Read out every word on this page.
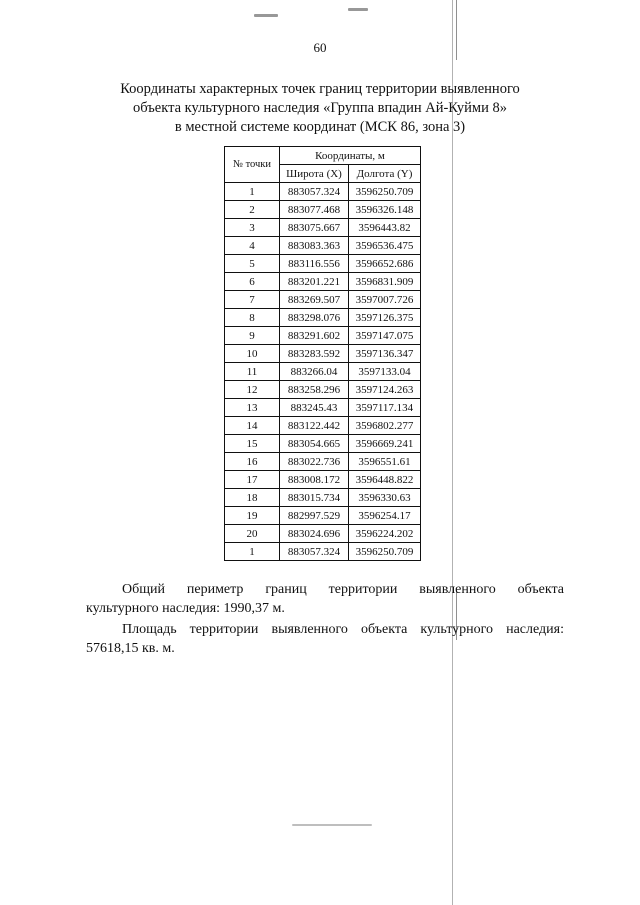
60
Координаты характерных точек границ территории выявленного
объекта культурного наследия «Группа впадин Ай-Куйми 8»
в местной системе координат (МСК 86, зона 3)
№ точки	Координаты, м	
	Широта (X)	Долгота (Y)
1	883057.324	3596250.709
2	883077.468	3596326.148
3	883075.667	3596443.82
4	883083.363	3596536.475
5	883116.556	3596652.686
6	883201.221	3596831.909
7	883269.507	3597007.726
8	883298.076	3597126.375
9	883291.602	3597147.075
10	883283.592	3597136.347
11	883266.04	3597133.04
12	883258.296	3597124.263
13	883245.43	3597117.134
14	883122.442	3596802.277
15	883054.665	3596669.241
16	883022.736	3596551.61
17	883008.172	3596448.822
18	883015.734	3596330.63
19	882997.529	3596254.17
20	883024.696	3596224.202
1	883057.324	3596250.709
Общий периметр границ территории выявленного объекта
культурного наследия: 1990,37 м.
Площадь территории выявленного объекта культурного наследия:
57618,15 кв. м.
